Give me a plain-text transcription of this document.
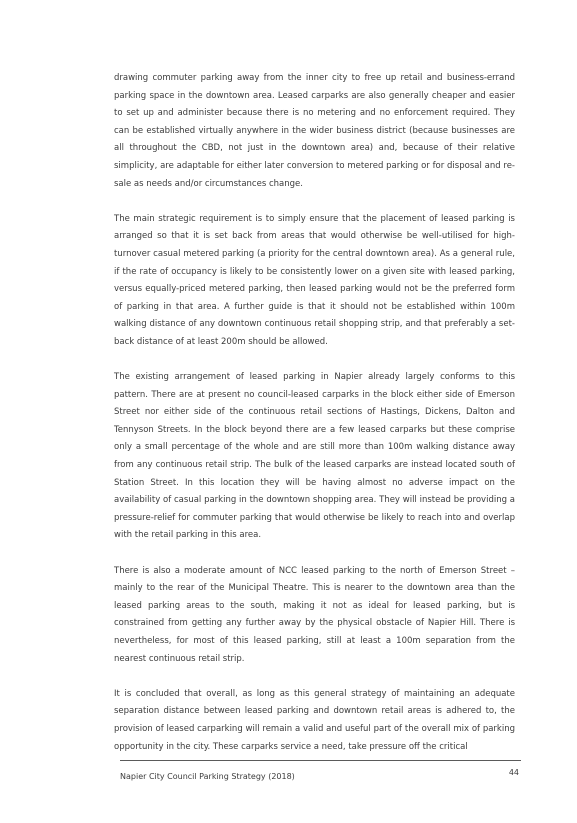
drawing commuter parking away from the inner city to free up retail and business-errand parking space in the downtown area. Leased carparks are also generally cheaper and easier to set up and administer because there is no metering and no enforcement required. They can be established virtually anywhere in the wider business district (because businesses are all throughout the CBD, not just in the downtown area) and, because of their relative simplicity, are adaptable for either later conversion to metered parking or for disposal and re-sale as needs and/or circumstances change.

The main strategic requirement is to simply ensure that the placement of leased parking is arranged so that it is set back from areas that would otherwise be well-utilised for high-turnover casual metered parking (a priority for the central downtown area). As a general rule, if the rate of occupancy is likely to be consistently lower on a given site with leased parking, versus equally-priced metered parking, then leased parking would not be the preferred form of parking in that area. A further guide is that it should not be established within 100m walking distance of any downtown continuous retail shopping strip, and that preferably a set-back distance of at least 200m should be allowed.

The existing arrangement of leased parking in Napier already largely conforms to this pattern. There are at present no council-leased carparks in the block either side of Emerson Street nor either side of the continuous retail sections of Hastings, Dickens, Dalton and Tennyson Streets. In the block beyond there are a few leased carparks but these comprise only a small percentage of the whole and are still more than 100m walking distance away from any continuous retail strip. The bulk of the leased carparks are instead located south of Station Street. In this location they will be having almost no adverse impact on the availability of casual parking in the downtown shopping area. They will instead be providing a pressure-relief for commuter parking that would otherwise be likely to reach into and overlap with the retail parking in this area.

There is also a moderate amount of NCC leased parking to the north of Emerson Street – mainly to the rear of the Municipal Theatre. This is nearer to the downtown area than the leased parking areas to the south, making it not as ideal for leased parking, but is constrained from getting any further away by the physical obstacle of Napier Hill. There is nevertheless, for most of this leased parking, still at least a 100m separation from the nearest continuous retail strip.

It is concluded that overall, as long as this general strategy of maintaining an adequate separation distance between leased parking and downtown retail areas is adhered to, the provision of leased carparking will remain a valid and useful part of the overall mix of parking opportunity in the city. These carparks service a need, take pressure off the critical

Napier City Council Parking Strategy (2018)	44
